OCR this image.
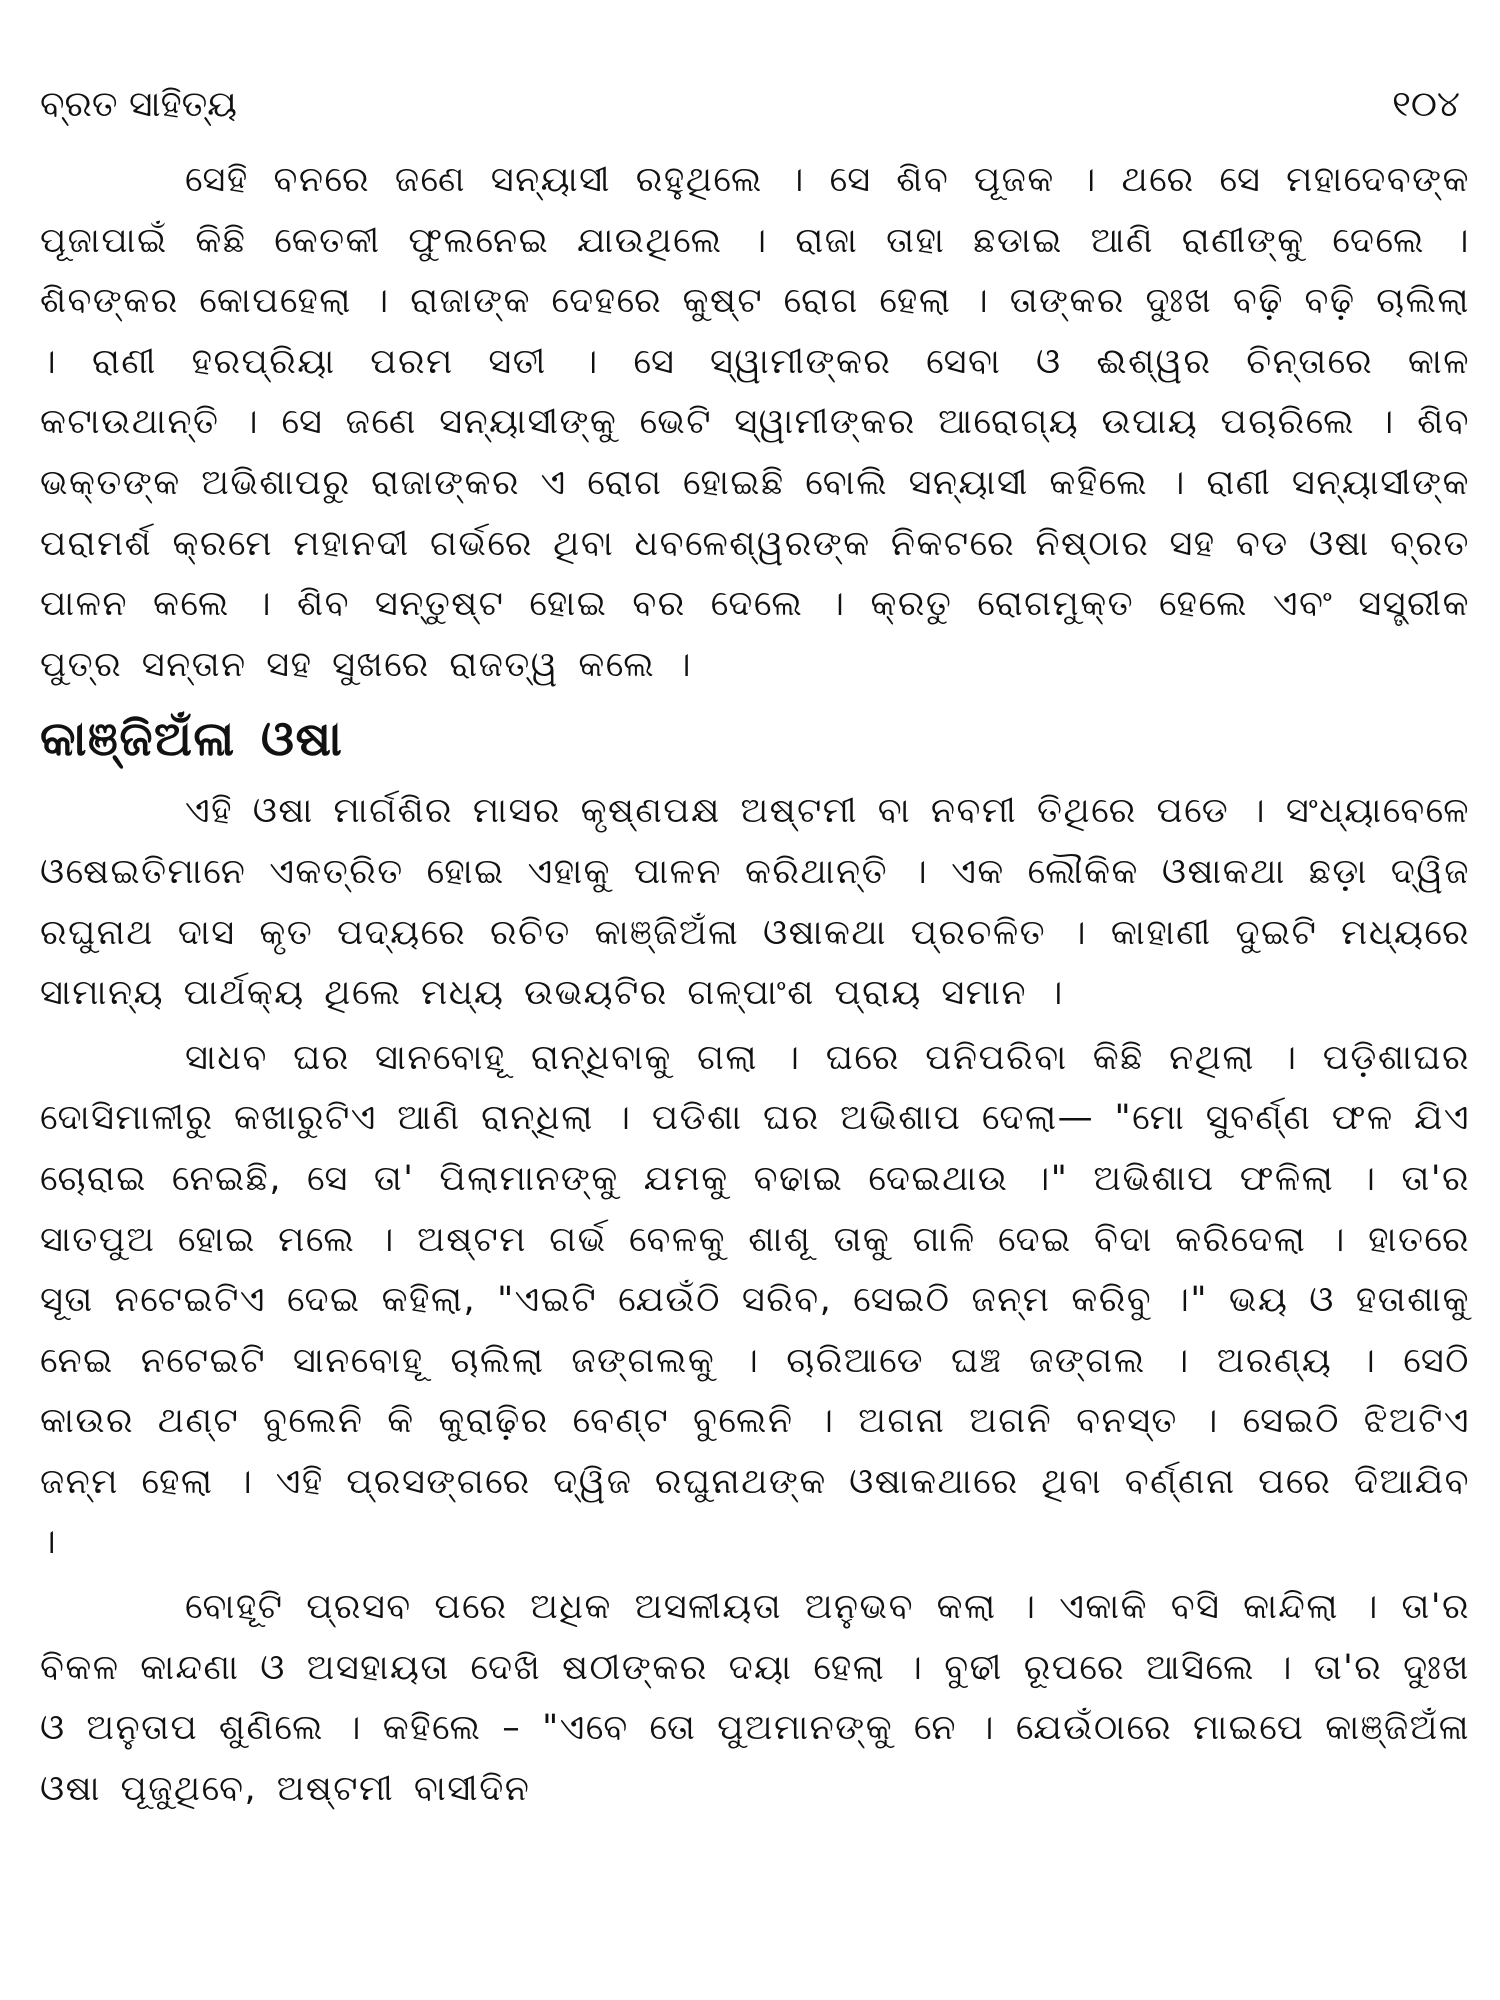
ବ୍ରତ ସାହିତ୍ୟ	୧୦୪

ସେହି ବନରେ ଜଣେ ସନ୍ୟାସୀ ରହୁଥିଲେ । ସେ ଶିବ ପୂଜକ । ଥରେ ସେ ମହାଦେବଙ୍କ ପୂଜାପାଇଁ କିଛି କେତକୀ ଫୁଲନେଇ ଯାଉଥିଲେ । ରାଜା ତାହା ଛଡାଇ ଆଣି ରାଣୀଙ୍କୁ ଦେଲେ । ଶିବଙ୍କର କୋପହେଲା । ରାଜାଙ୍କ ଦେହରେ କୁଷ୍ଟ ରୋଗ ହେଲା । ତାଙ୍କର ଦୁଃଖ ବଢ଼ି ବଢ଼ି ଚାଲିଲା । ରାଣୀ ହରପ୍ରିୟା ପରମ ସତୀ । ସେ ସ୍ୱାମୀଙ୍କର ସେବା ଓ ଈଶ୍ୱର ଚିନ୍ତାରେ କାଳ କଟାଉଥାନ୍ତି । ସେ ଜଣେ ସନ୍ୟାସୀଙ୍କୁ ଭେଟି ସ୍ୱାମୀଙ୍କର ଆରୋଗ୍ୟ ଉପାୟ ପଚାରିଲେ । ଶିବ ଭକ୍ତଙ୍କ ଅଭିଶାପରୁ ରାଜାଙ୍କର ଏ ରୋଗ ହୋଇଛି ବୋଲି ସନ୍ୟାସୀ କହିଲେ । ରାଣୀ ସନ୍ୟାସୀଙ୍କ ପରାମର୍ଶ କ୍ରମେ ମହାନଦୀ ଗର୍ଭରେ ଥିବା ଧବଳେଶ୍ୱରଙ୍କ ନିକଟରେ ନିଷ୍ଠାର ସହ ବଡ ଓଷା ବ୍ରତ ପାଳନ କଲେ । ଶିବ ସନ୍ତୁଷ୍ଟ ହୋଇ ବର ଦେଲେ । କ୍ରତୁ ରୋଗମୁକ୍ତ ହେଲେ ଏବଂ ସସ୍ତ୍ରୀକ ପୁତ୍ର ସନ୍ତାନ ସହ ସୁଖରେ ରାଜତ୍ୱ କଲେ ।

କାଞ୍ଜିଅଁଳା ଓଷା

ଏହି ଓଷା ମାର୍ଗଶିର ମାସର କୃଷ୍ଣପକ୍ଷ ଅଷ୍ଟମୀ ବା ନବମୀ ତିଥିରେ ପଡେ । ସଂଧ୍ୟାବେଳେ ଓଷେଇତିମାନେ ଏକତ୍ରିତ ହୋଇ ଏହାକୁ ପାଳନ କରିଥାନ୍ତି । ଏକ ଲୌକିକ ଓଷାକଥା ଛଡ଼ା ଦ୍ୱିଜ ରଘୁନାଥ ଦାସ କୃତ ପଦ୍ୟରେ ରଚିତ କାଞ୍ଜିଅଁଳା ଓଷାକଥା ପ୍ରଚଳିତ । କାହାଣୀ ଦୁଇଟି ମଧ୍ୟରେ ସାମାନ୍ୟ ପାର୍ଥକ୍ୟ ଥିଲେ ମଧ୍ୟ ଉଭୟଟିର ଗଳ୍ପାଂଶ ପ୍ରାୟ ସମାନ ।

ସାଧବ ଘର ସାନବୋହୂ ରାନ୍ଧିବାକୁ ଗଲା । ଘରେ ପନିପରିବା କିଛି ନଥିଲା । ପଡ଼ିଶାଘର ଦୋସିମାଳୀରୁ କଖାରୁଟିଏ ଆଣି ରାନ୍ଧିଲା । ପଡିଶା ଘର ଅଭିଶାପ ଦେଲା— "ମୋ ସୁବର୍ଣ୍ଣ ଫଳ ଯିଏ ଚୋରାଇ ନେଇଛି, ସେ ତା' ପିଲାମାନଙ୍କୁ ଯମକୁ ବଢାଇ ଦେଇଥାଉ ।" ଅଭିଶାପ ଫଳିଲା । ତା'ର ସାତପୁଅ ହୋଇ ମଲେ । ଅଷ୍ଟମ ଗର୍ଭ ବେଳକୁ ଶାଶୂ ତାକୁ ଗାଳି ଦେଇ ବିଦା କରିଦେଲା । ହାତରେ ସୂତା ନଟେଇଟିଏ ଦେଇ କହିଲା, "ଏଇଟି ଯେଉଁଠି ସରିବ, ସେଇଠି ଜନ୍ମ କରିବୁ ।" ଭୟ ଓ ହତାଶାକୁ ନେଇ ନଟେଇଟି ସାନବୋହୂ ଚାଲିଲା ଜଙ୍ଗଲକୁ । ଚାରିଆଡେ ଘଞ୍ଚ ଜଙ୍ଗଲ । ଅରଣ୍ୟ । ସେଠି କାଉର ଥଣ୍ଟ ବୁଲେନି କି କୁରାଢ଼ିର ବେଣ୍ଟ ବୁଲେନି । ଅଗନା ଅଗନି ବନସ୍ତ । ସେଇଠି ଝିଅଟିଏ ଜନ୍ମ ହେଲା । ଏହି ପ୍ରସଙ୍ଗରେ ଦ୍ୱିଜ ରଘୁନାଥଙ୍କ ଓଷାକଥାରେ ଥିବା ବର୍ଣ୍ଣନା ପରେ ଦିଆଯିବ ।

ବୋହୂଟି ପ୍ରସବ ପରେ ଅଧିକ ଅସଳୀୟତା ଅନୁଭବ କଲା । ଏକାକି ବସି କାନ୍ଦିଲା । ତା'ର ବିକଳ କାନ୍ଦଣା ଓ ଅସହାୟତା ଦେଖି ଷଠୀଙ୍କର ଦୟା ହେଲା । ବୁଢୀ ରୂପରେ ଆସିଲେ । ତା'ର ଦୁଃଖ ଓ ଅନୁତାପ ଶୁଣିଲେ । କହିଲେ – "ଏବେ ତୋ ପୁଅମାନଙ୍କୁ ନେ । ଯେଉଁଠାରେ ମାଇପେ କାଞ୍ଜିଅଁଳା ଓଷା ପୂଜୁଥିବେ, ଅଷ୍ଟମୀ ବାସୀଦିନ
